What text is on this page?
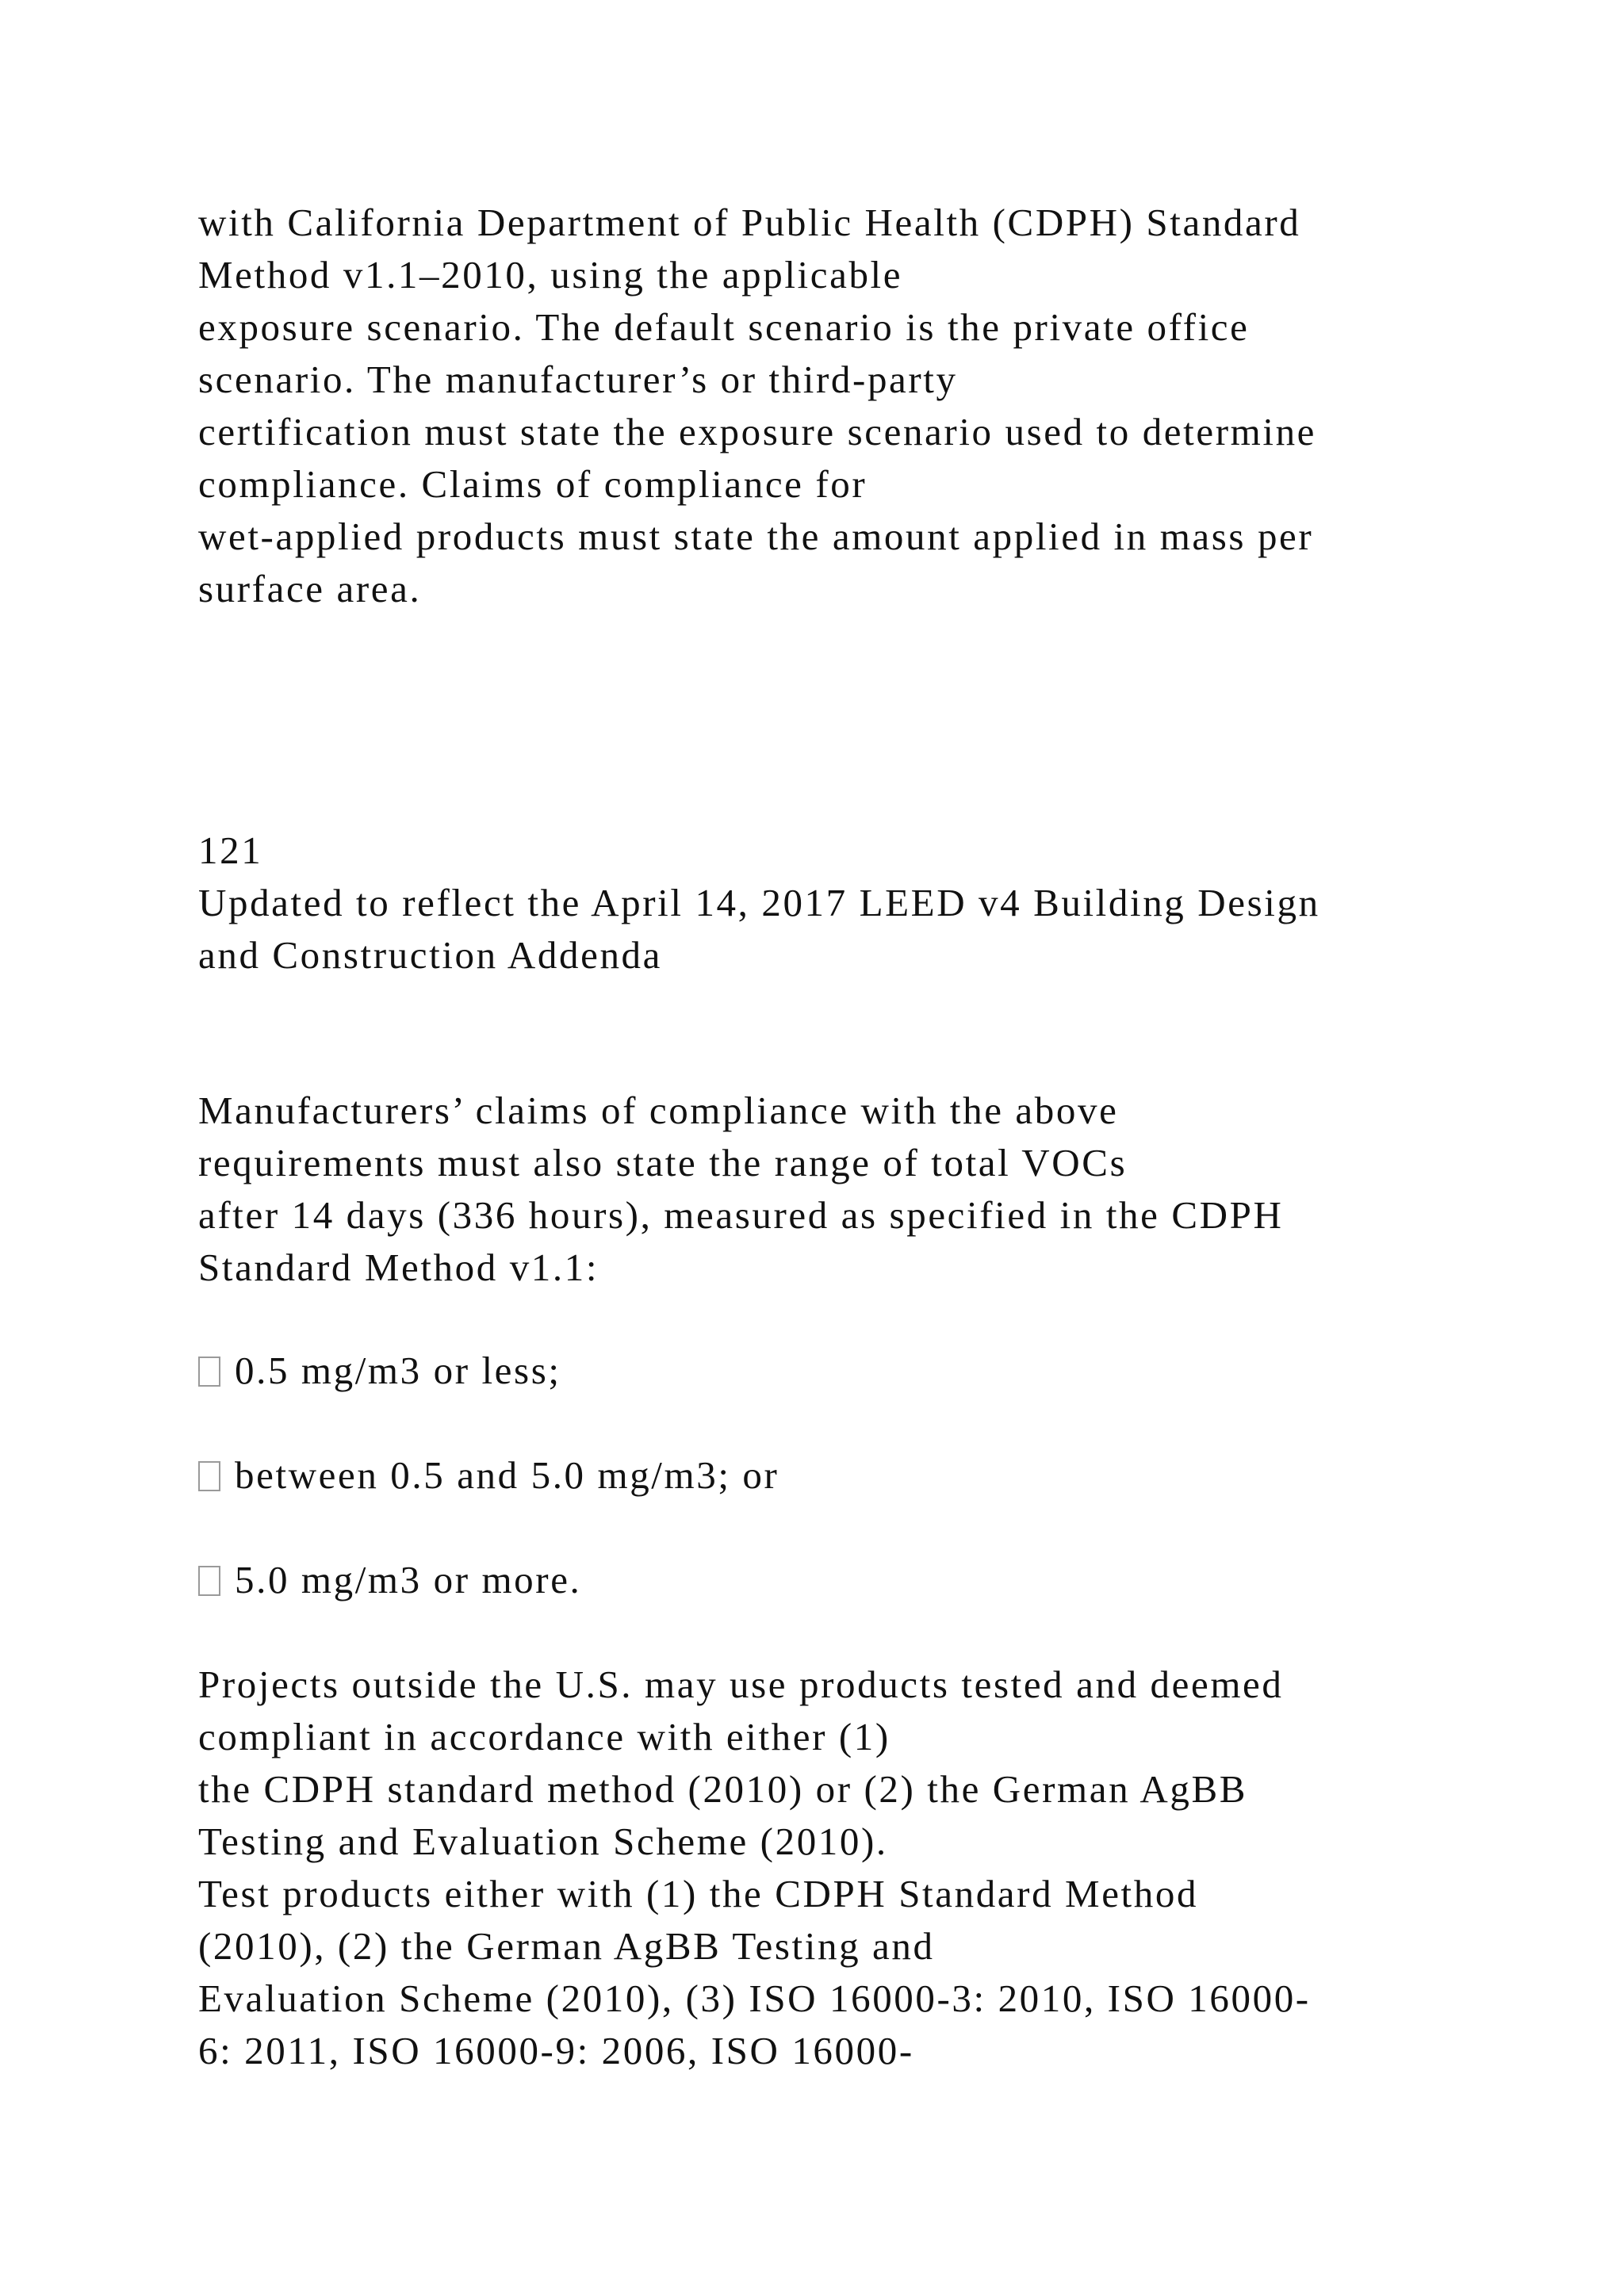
with California Department of Public Health (CDPH) Standard
Method v1.1–2010, using the applicable
exposure scenario. The default scenario is the private office
scenario. The manufacturer’s or third-party
certification must state the exposure scenario used to determine
compliance. Claims of compliance for
wet-applied products must state the amount applied in mass per
surface area.
121
Updated to reflect the April 14, 2017 LEED v4 Building Design
and Construction Addenda
Manufacturers’ claims of compliance with the above
requirements must also state the range of total VOCs
after 14 days (336 hours), measured as specified in the CDPH
Standard Method v1.1:
0.5 mg/m3 or less;
between 0.5 and 5.0 mg/m3; or
5.0 mg/m3 or more.
Projects outside the U.S. may use products tested and deemed
compliant in accordance with either (1)
the CDPH standard method (2010) or (2) the German AgBB
Testing and Evaluation Scheme (2010).
Test products either with (1) the CDPH Standard Method
(2010), (2) the German AgBB Testing and
Evaluation Scheme (2010), (3) ISO 16000-3: 2010, ISO 16000-
6: 2011, ISO 16000-9: 2006, ISO 16000-
